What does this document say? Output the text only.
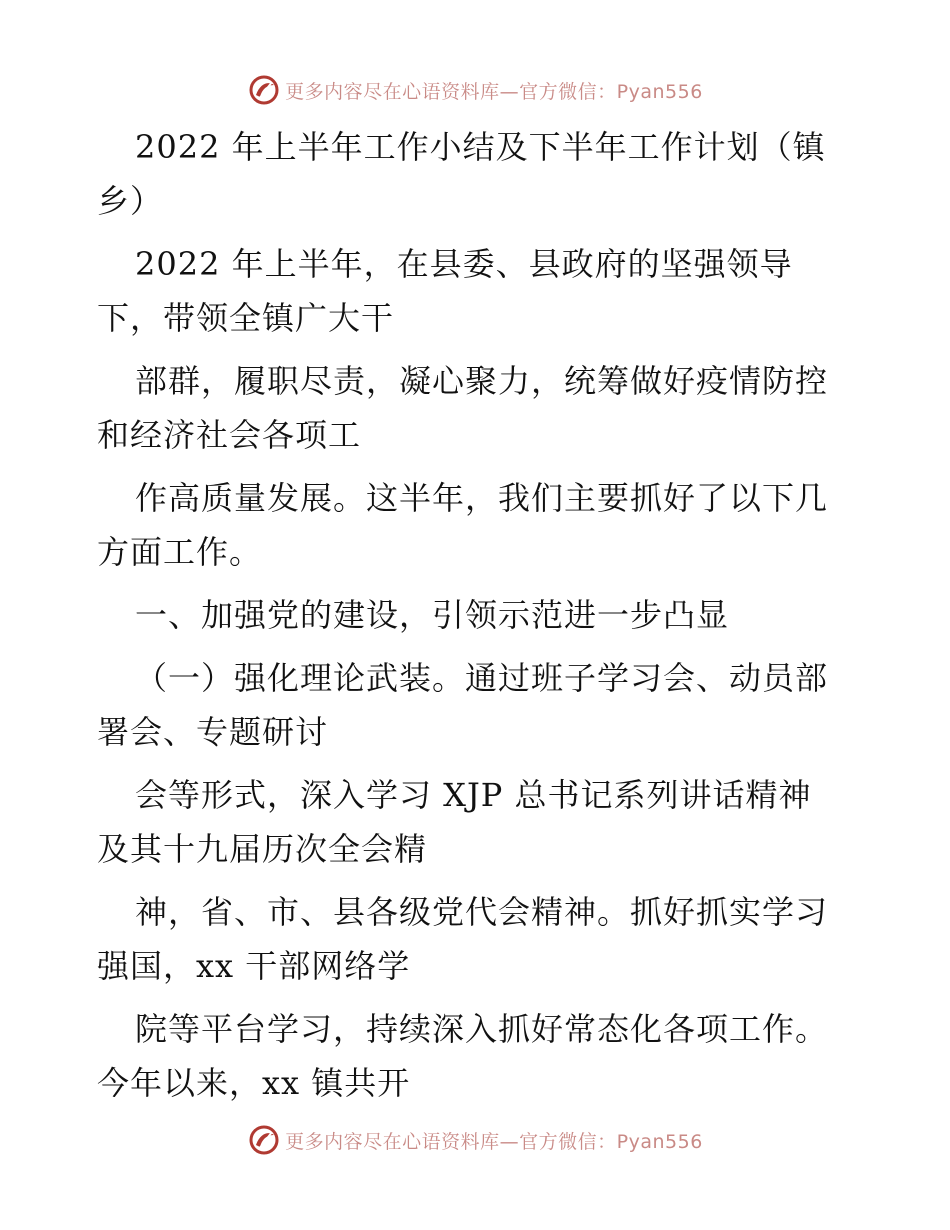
更多内容尽在心语资料库—官方微信：Pyan556
2022 年上半年工作小结及下半年工作计划（镇
乡）
2022 年上半年，在县委、县政府的坚强领导
下，带领全镇广大干
部群，履职尽责，凝心聚力，统筹做好疫情防控
和经济社会各项工
作高质量发展。这半年，我们主要抓好了以下几
方面工作。
一、加强党的建设，引领示范进一步凸显
（一）强化理论武装。通过班子学习会、动员部
署会、专题研讨
会等形式，深入学习 XJP 总书记系列讲话精神
及其十九届历次全会精
神，省、市、县各级党代会精神。抓好抓实学习
强国，xx 干部网络学
院等平台学习，持续深入抓好常态化各项工作。
今年以来，xx 镇共开
更多内容尽在心语资料库—官方微信：Pyan556
